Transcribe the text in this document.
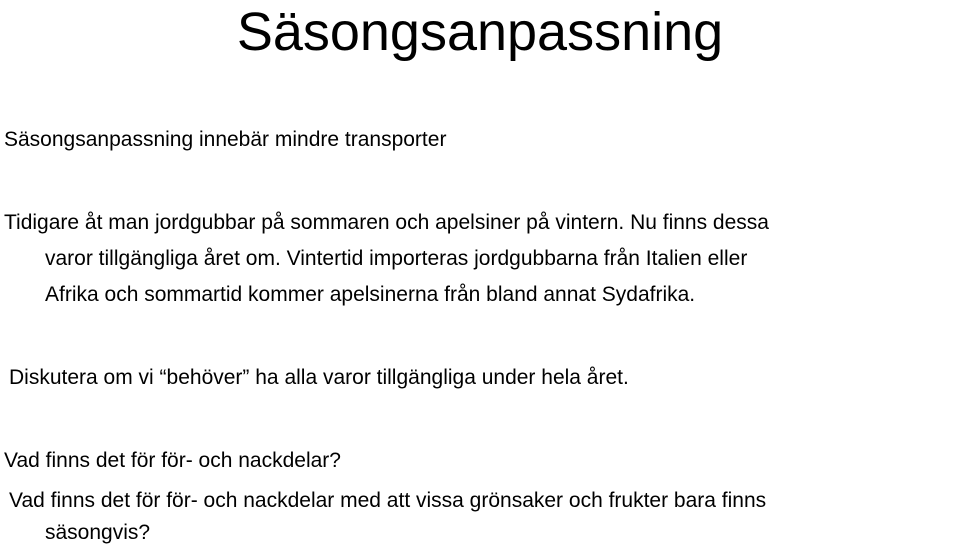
Säsongsanpassning
Säsongsanpassning innebär mindre transporter
Tidigare åt man jordgubbar på sommaren och apelsiner på vintern. Nu finns dessa
varor tillgängliga året om. Vintertid importeras jordgubbarna från Italien eller
Afrika och sommartid kommer apelsinerna från bland annat Sydafrika.
Diskutera om vi “behöver” ha alla varor tillgängliga under hela året.
Vad finns det för för- och nackdelar?
Vad finns det för för- och nackdelar med att vissa grönsaker och frukter bara finns
säsongvis?
